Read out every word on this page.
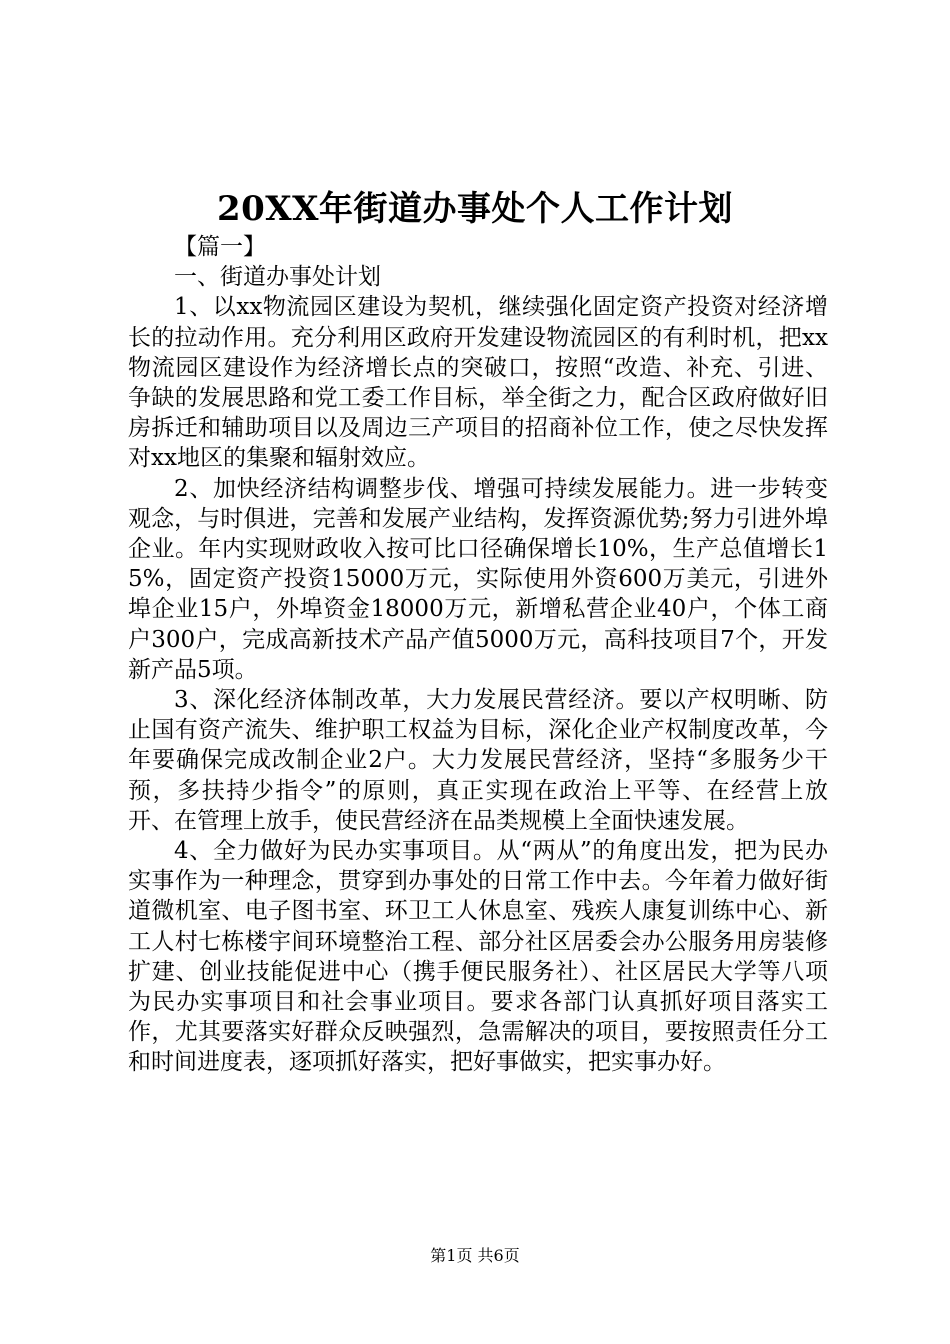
20XX年街道办事处个人工作计划

【篇一】

一、街道办事处计划

1、以xx物流园区建设为契机，继续强化固定资产投资对经济增长的拉动作用。充分利用区政府开发建设物流园区的有利时机，把xx物流园区建设作为经济增长点的突破口，按照“改造、补充、引进、争缺的发展思路和党工委工作目标，举全街之力，配合区政府做好旧房拆迁和辅助项目以及周边三产项目的招商补位工作，使之尽快发挥对xx地区的集聚和辐射效应。

2、加快经济结构调整步伐、增强可持续发展能力。进一步转变观念，与时俱进，完善和发展产业结构，发挥资源优势;努力引进外埠企业。年内实现财政收入按可比口径确保增长10%，生产总值增长15%，固定资产投资15000万元，实际使用外资600万美元，引进外埠企业15户，外埠资金18000万元，新增私营企业40户，个体工商户300户，完成高新技术产品产值5000万元，高科技项目7个，开发新产品5项。

3、深化经济体制改革，大力发展民营经济。要以产权明晰、防止国有资产流失、维护职工权益为目标，深化企业产权制度改革，今年要确保完成改制企业2户。大力发展民营经济，坚持“多服务少干预，多扶持少指令”的原则，真正实现在政治上平等、在经营上放开、在管理上放手，使民营经济在品类规模上全面快速发展。

4、全力做好为民办实事项目。从“两从”的角度出发，把为民办实事作为一种理念，贯穿到办事处的日常工作中去。今年着力做好街道微机室、电子图书室、环卫工人休息室、残疾人康复训练中心、新工人村七栋楼宇间环境整治工程、部分社区居委会办公服务用房装修扩建、创业技能促进中心（携手便民服务社）、社区居民大学等八项为民办实事项目和社会事业项目。要求各部门认真抓好项目落实工作，尤其要落实好群众反映强烈，急需解决的项目，要按照责任分工和时间进度表，逐项抓好落实，把好事做实，把实事办好。

第1页 共6页
